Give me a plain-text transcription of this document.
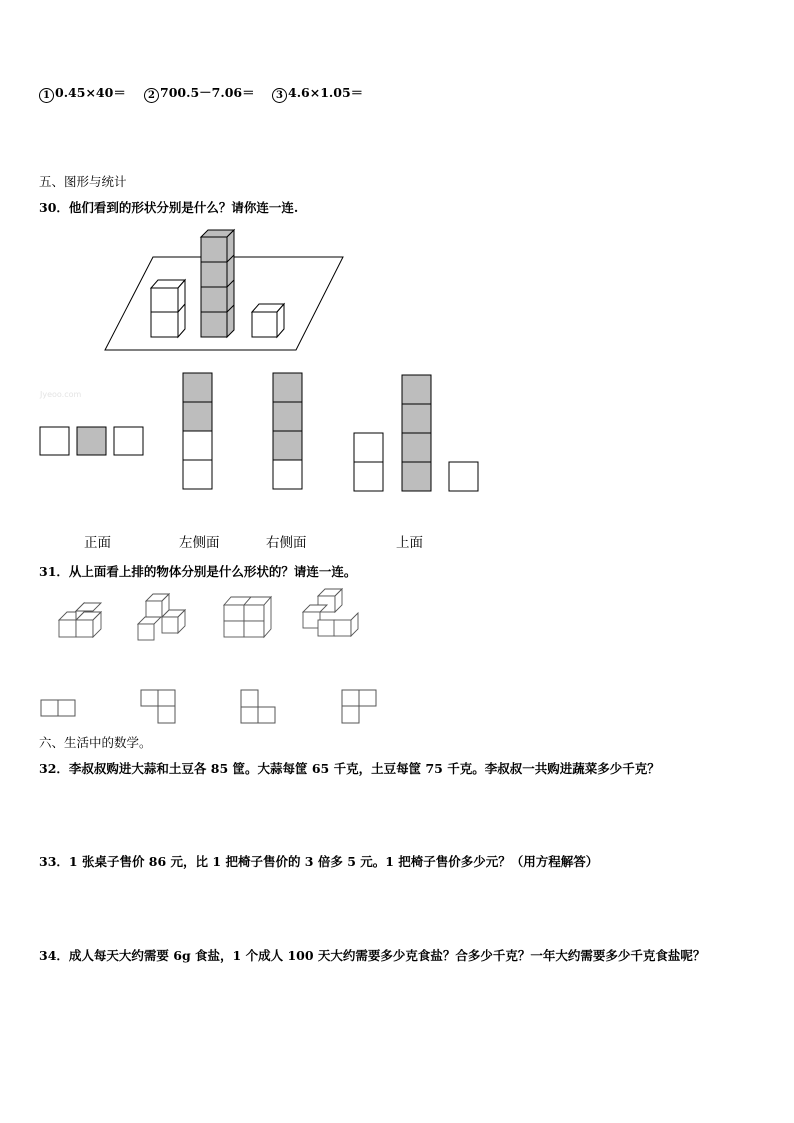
1 0.45×40＝	2 700.5－7.06＝	3 4.6×1.05＝
五、图形与统计
30．他们看到的形状分别是什么？请你连一连.
Jyeoo.com
正面	左侧面	右侧面	上面
31．从上面看上排的物体分别是什么形状的？请连一连。
六、生活中的数学。
32．李叔叔购进大蒜和土豆各 85 筐。大蒜每筐 65 千克，土豆每筐 75 千克。李叔叔一共购进蔬菜多少千克？
33．1 张桌子售价 86 元，比 1 把椅子售价的 3 倍多 5 元。1 把椅子售价多少元？（用方程解答）
34．成人每天大约需要 6g 食盐，1 个成人 100 天大约需要多少克食盐？合多少千克？一年大约需要多少千克食盐呢？
